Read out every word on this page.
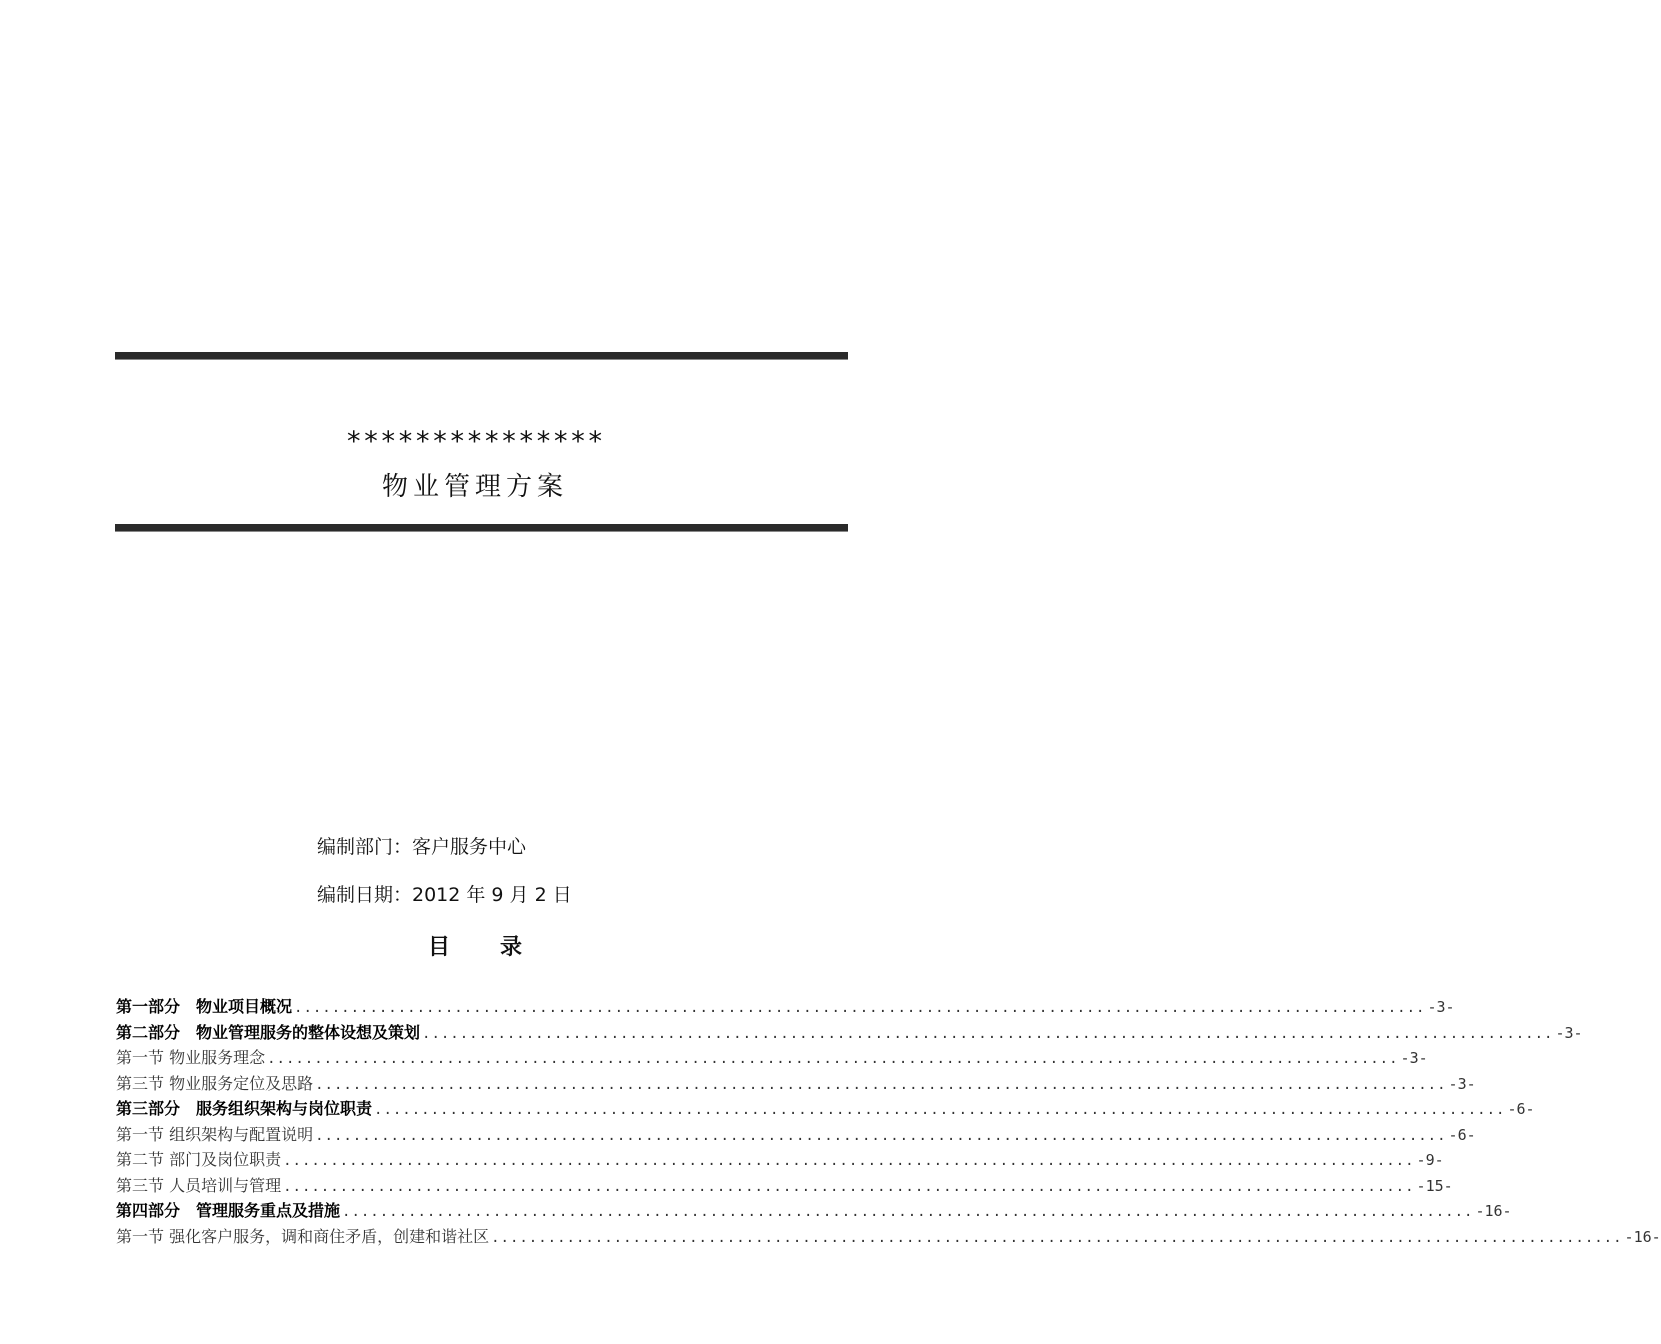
***************
物业管理方案
编制部门：客户服务中心
编制日期：2012 年 9 月 2 日
目录
第一部分　物业项目概况 ........................................................................................................................ -3-
第二部分　物业管理服务的整体设想及策划 ........................................................................................................................ -3-
第一节 物业服务理念 ........................................................................................................................ -3-
第三节 物业服务定位及思路 ........................................................................................................................ -3-
第三部分　服务组织架构与岗位职责 ........................................................................................................................ -6-
第一节 组织架构与配置说明 ........................................................................................................................ -6-
第二节 部门及岗位职责 ........................................................................................................................ -9-
第三节 人员培训与管理 ........................................................................................................................ -15-
第四部分　管理服务重点及措施 ........................................................................................................................ -16-
第一节 强化客户服务，调和商住矛盾，创建和谐社区 ........................................................................................................................ -16-
